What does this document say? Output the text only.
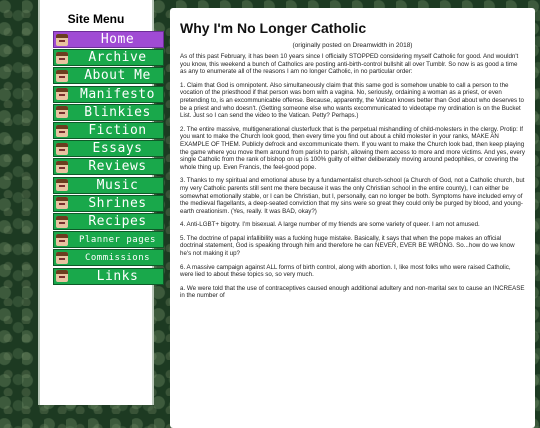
Site Menu
Home
Archive
About Me
Manifesto
Blinkies
Fiction
Essays
Reviews
Music
Shrines
Recipes
Planner pages
Commissions
Links
Why I'm No Longer Catholic

(originally posted on Dreamwidth in 2018)

As of this past February, it has been 10 years since I officially STOPPED considering myself Catholic for good. And wouldn't you know, this weekend a bunch of Catholics are posting anti-birth-control bullshit all over Tumblr. So now is as good a time as any to enumerate all of the reasons I am no longer Catholic, in no particular order:

1. Claim that God is omnipotent. Also simultaneously claim that this same god is somehow unable to call a person to the vocation of the priesthood if that person was born with a vagina. No, seriously, ordaining a woman as a priest, or even pretending to, is an excommunicable offense. Because, apparently, the Vatican knows better than God about who deserves to be a priest and who doesn't. (Getting someone else who wants excommunicated to videotape my ordination is on the Bucket List. Just so I can send the video to the Vatican. Petty? Perhaps.)

2. The entire massive, multigenerational clusterfuck that is the perpetual mishandling of child-molesters in the clergy. Protip: If you want to make the Church look good, then every time you find out about a child molester in your ranks, MAKE AN EXAMPLE OF THEM. Publicly defrock and excommunicate them. If you want to make the Church look bad, then keep playing the game where you move them around from parish to parish, allowing them access to more and more victims. And yes, every single Catholic from the rank of bishop on up is 100% guilty of either deliberately moving around pedophiles, or covering the whole thing up. Even Francis, the feel-good pope.

3. Thanks to my spiritual and emotional abuse by a fundamentalist church-school (a Church of God, not a Catholic church, but my very Catholic parents still sent me there because it was the only Christian school in the entire county), I can either be somewhat emotionally stable, or I can be Christian, but I, personally, can no longer be both. Symptoms have included envy of the medieval flagellants, a deep-seated conviction that my sins were so great they could only be purged by blood, and young-earth creationism. (Yes, really. It was BAD, okay?)

4. Anti-LGBT+ bigotry. I'm bisexual. A large number of my friends are some variety of queer. I am not amused.

5. The doctrine of papal infallibility was a fucking huge mistake. Basically, it says that when the pope makes an official doctrinal statement, God is speaking through him and therefore he can NEVER, EVER BE WRONG. So...how do we know he's not making it up?

6. A massive campaign against ALL forms of birth control, along with abortion. I, like most folks who were raised Catholic, were lied to about these topics so, so very much.

a. We were told that the use of contraceptives caused enough additional adultery and non-marital sex to cause an INCREASE in the number of
